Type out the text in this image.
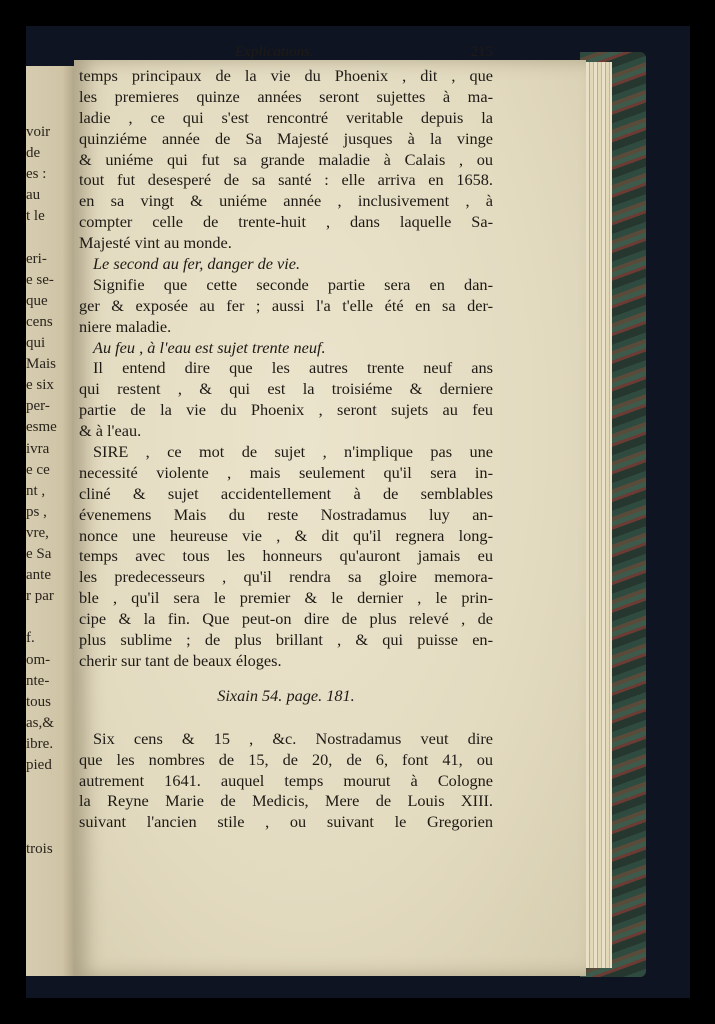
voir
de
es :
au
t le
eri-
e se-
que
cens
qui
Mais
e six
per-
esme
ivra
e ce
nt ,
ps ,
vre,
e Sa
ante
r par
f.
om-
nte-
tous
as,&
ibre.
pied
trois
Explications.	215
temps principaux de la vie du Phoenix , dit , que
les premieres quinze années seront sujettes à ma-
ladie , ce qui s'est rencontré veritable depuis la
quinziéme année de Sa Majesté jusques à la vinge
& uniéme qui fut sa grande maladie à Calais , ou
tout fut desesperé de sa santé : elle arriva en 1658.
en sa vingt & uniéme année , inclusivement , à
compter celle de trente-huit , dans laquelle Sa-
Majesté vint au monde.
Le second au fer, danger de vie.
Signifie que cette seconde partie sera en dan-
ger & exposée au fer ; aussi l'a t'elle été en sa der-
niere maladie.
Au feu , à l'eau est sujet trente neuf.
Il entend dire que les autres trente neuf ans
qui restent , & qui est la troisiéme & derniere
partie de la vie du Phoenix , seront sujets au feu
& à l'eau.
SIRE , ce mot de sujet , n'implique pas une
necessité violente , mais seulement qu'il sera in-
cliné & sujet accidentellement à de semblables
évenemens Mais du reste Nostradamus luy an-
nonce une heureuse vie , & dit qu'il regnera long-
temps avec tous les honneurs qu'auront jamais eu
les predecesseurs , qu'il rendra sa gloire memora-
ble , qu'il sera le premier & le dernier , le prin-
cipe & la fin. Que peut-on dire de plus relevé , de
plus sublime ; de plus brillant , & qui puisse en-
cherir sur tant de beaux éloges.
Sixain 54. page. 181.
Six cens & 15 , &c. Nostradamus veut dire
que les nombres de 15, de 20, de 6, font 41, ou
autrement 1641. auquel temps mourut à Cologne
la Reyne Marie de Medicis, Mere de Louis XIII.
suivant l'ancien stile , ou suivant le Gregorien
